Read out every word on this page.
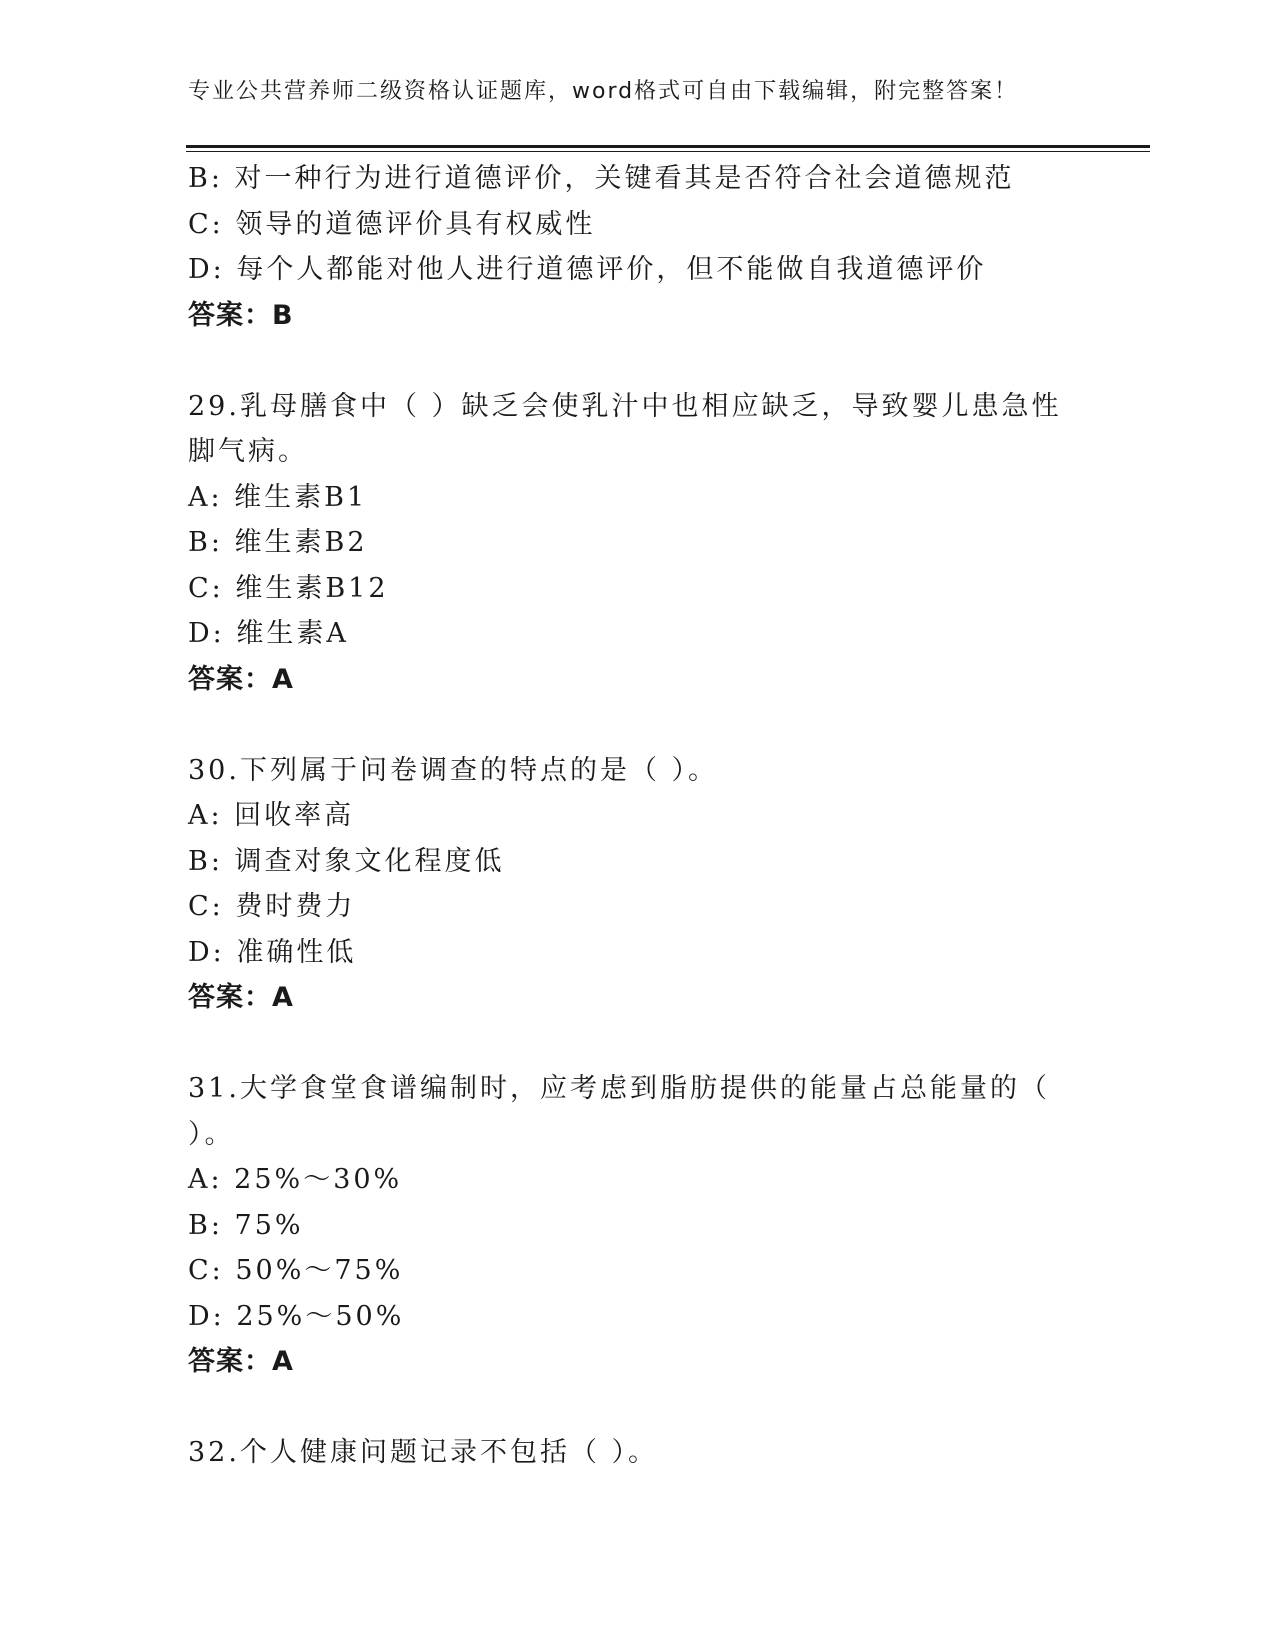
专业公共营养师二级资格认证题库，word格式可自由下载编辑，附完整答案！
B: 对一种行为进行道德评价，关键看其是否符合社会道德规范
C: 领导的道德评价具有权威性
D: 每个人都能对他人进行道德评价，但不能做自我道德评价
答案：B
29.乳母膳食中（ ）缺乏会使乳汁中也相应缺乏，导致婴儿患急性
脚气病。
A: 维生素B1
B: 维生素B2
C: 维生素B12
D: 维生素A
答案：A
30.下列属于问卷调查的特点的是（ ）。
A: 回收率高
B: 调查对象文化程度低
C: 费时费力
D: 准确性低
答案：A
31.大学食堂食谱编制时，应考虑到脂肪提供的能量占总能量的（
）。
A: 25%～30%
B: 75%
C: 50%～75%
D: 25%～50%
答案：A
32.个人健康问题记录不包括（ ）。
